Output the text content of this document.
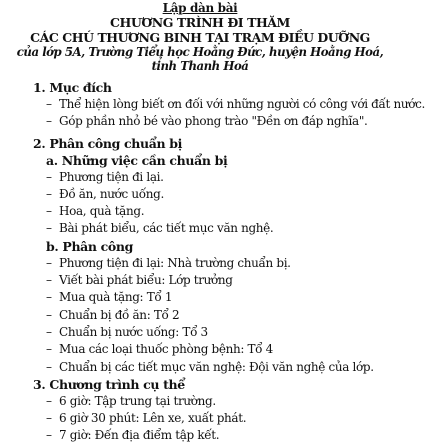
Lập dàn bài
CHƯƠNG TRÌNH ĐI THĂM
CÁC CHÚ THƯƠNG BINH TẠI TRẠM ĐIỀU DƯỠNG
của lớp 5A, Trường Tiểu học Hoằng Đức, huyện Hoằng Hoá,
tỉnh Thanh Hoá
1. Mục đích
– Thể hiện lòng biết ơn đối với những người có công với đất nước.
– Góp phần nhỏ bé vào phong trào "Đền ơn đáp nghĩa".
2. Phân công chuẩn bị
a. Những việc cần chuẩn bị
– Phương tiện đi lại.
– Đồ ăn, nước uống.
– Hoa, quà tặng.
– Bài phát biểu, các tiết mục văn nghệ.
b. Phân công
– Phương tiện đi lại: Nhà trường chuẩn bị.
– Viết bài phát biểu: Lớp trưởng
– Mua quà tặng: Tổ 1
– Chuẩn bị đồ ăn: Tổ 2
– Chuẩn bị nước uống: Tổ 3
– Mua các loại thuốc phòng bệnh: Tổ 4
– Chuẩn bị các tiết mục văn nghệ: Đội văn nghệ của lớp.
3. Chương trình cụ thể
– 6 giờ: Tập trung tại trường.
– 6 giờ 30 phút: Lên xe, xuất phát.
– 7 giờ: Đến địa điểm tập kết.
